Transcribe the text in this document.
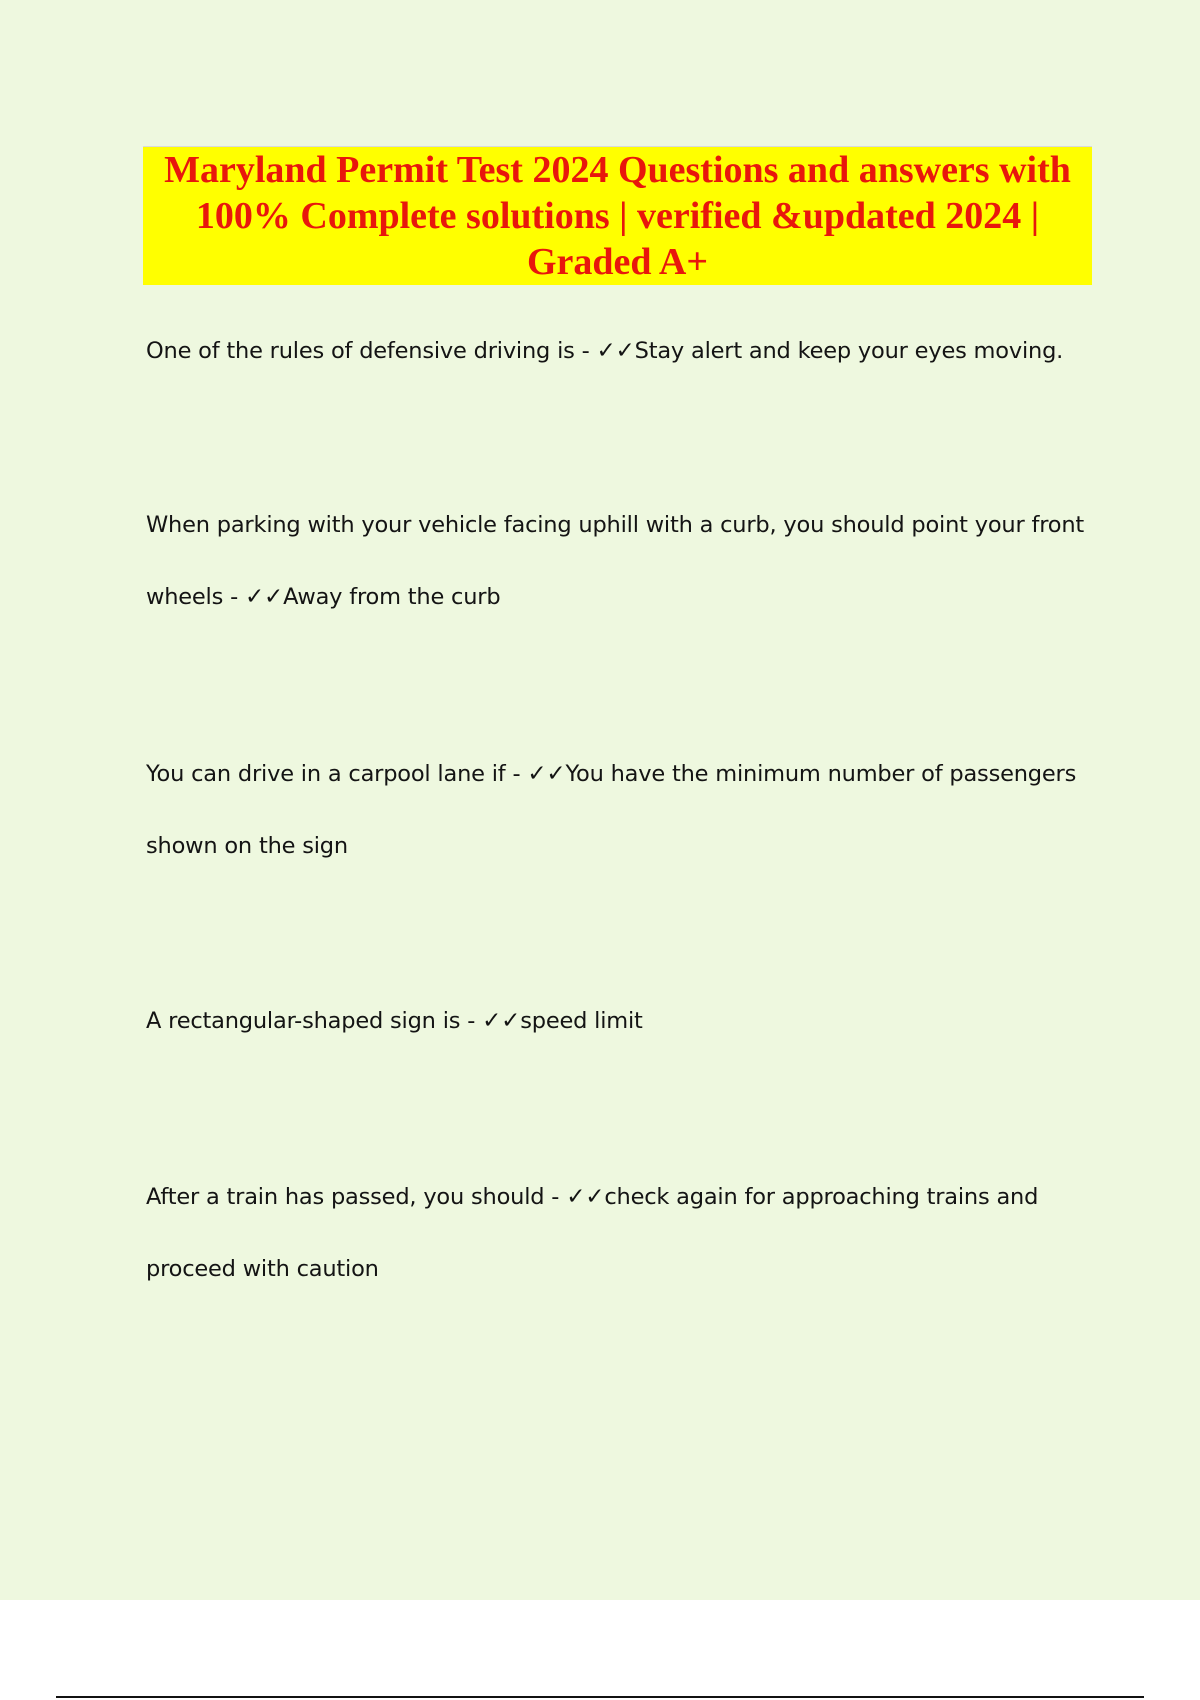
Maryland Permit Test 2024 Questions and answers with 100% Complete solutions | verified &updated 2024 | Graded A+

One of the rules of defensive driving is - ✓✓Stay alert and keep your eyes moving.

When parking with your vehicle facing uphill with a curb, you should point your front wheels - ✓✓Away from the curb

You can drive in a carpool lane if - ✓✓You have the minimum number of passengers shown on the sign

A rectangular-shaped sign is - ✓✓speed limit

After a train has passed, you should - ✓✓check again for approaching trains and proceed with caution
